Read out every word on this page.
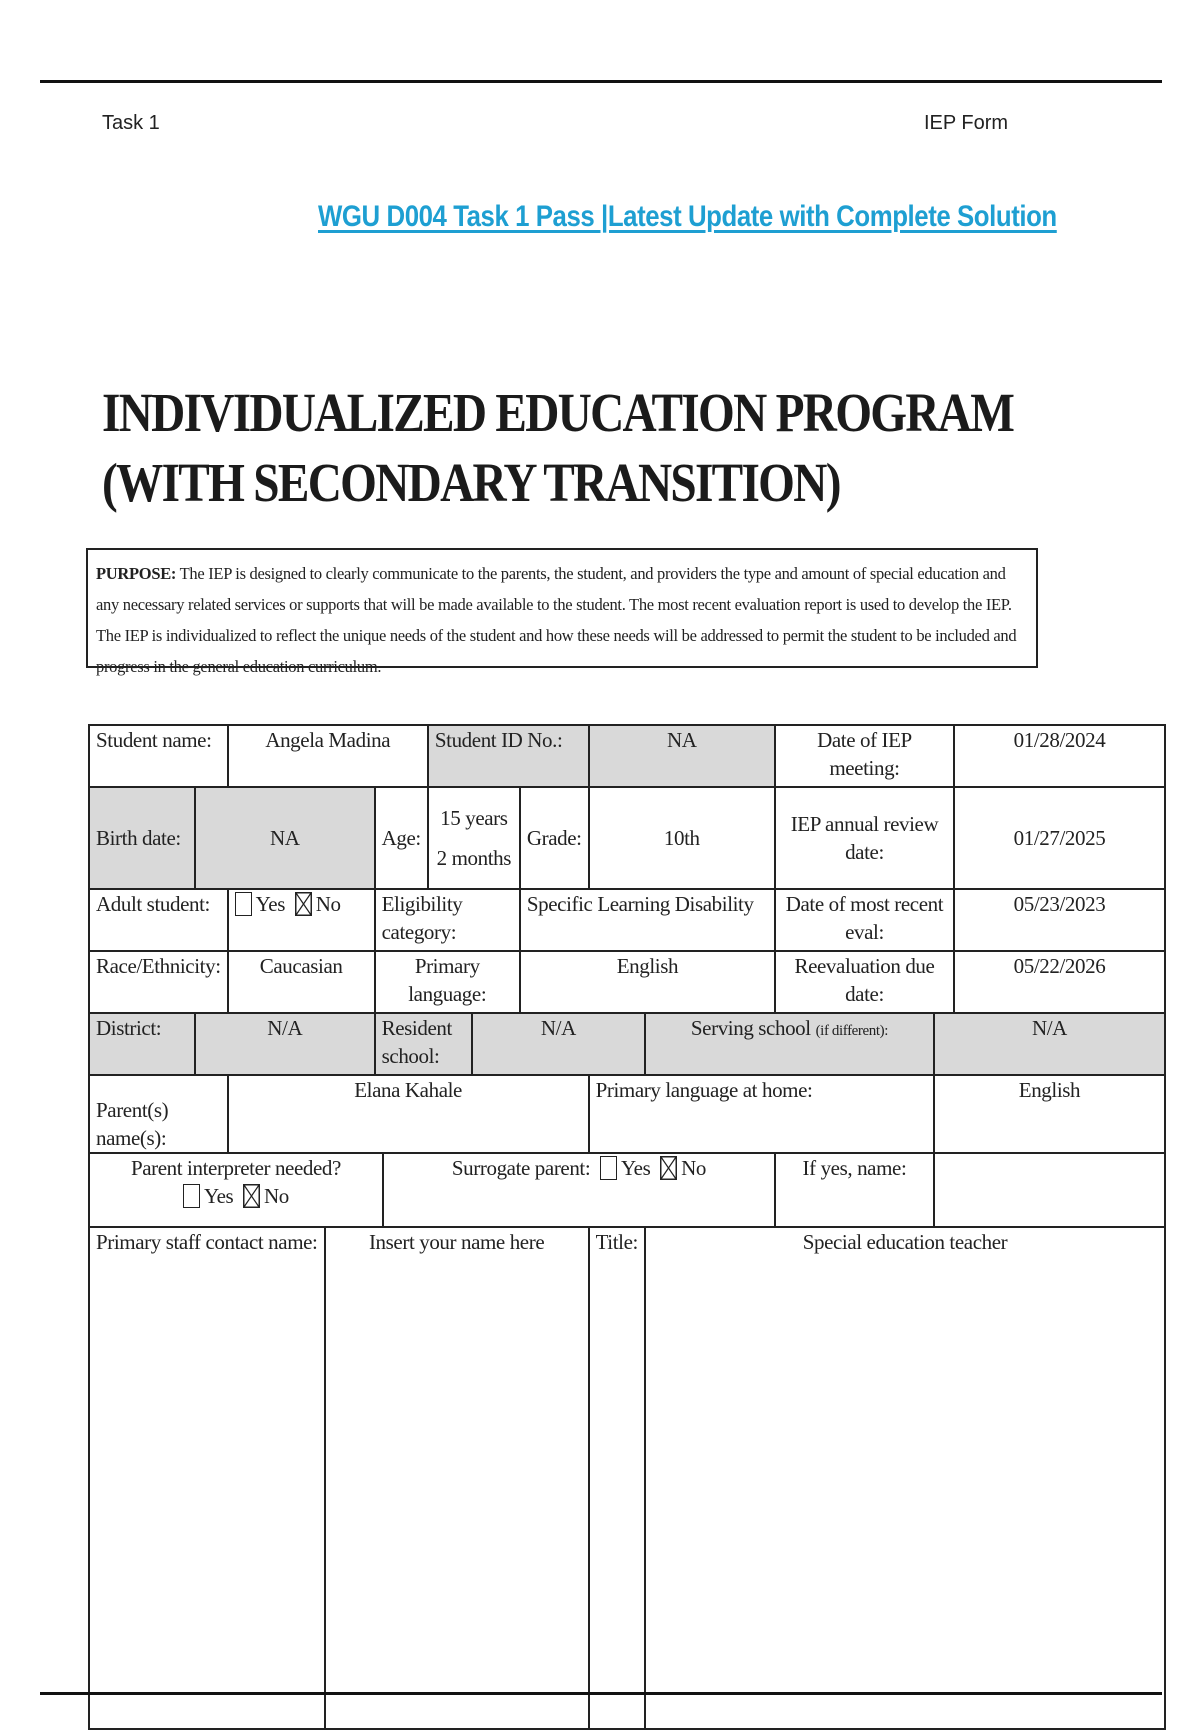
Task 1	IEP Form
WGU D004 Task 1 Pass |Latest Update with Complete Solution
INDIVIDUALIZED EDUCATION PROGRAM
(WITH SECONDARY TRANSITION)
PURPOSE: The IEP is designed to clearly communicate to the parents, the student, and providers the type and amount of special education and any necessary related services or supports that will be made available to the student. The most recent evaluation report is used to develop the IEP. The IEP is individualized to reflect the unique needs of the student and how these needs will be addressed to permit the student to be included and progress in the general education curriculum.
Student name:		Angela Madina				Student ID No.:			NA		Date of IEP meeting:		01/28/2024
Birth date:	NA			Age:		15 years 2 months		Grade:	10th		IEP annual review date:		01/27/2025
Adult student:		Yes No		Eligibility category:				Specific Learning Disability			Date of most recent eval:		05/23/2023
Race/Ethnicity:		Caucasian		Primary language:				English			Reevaluation due date:		05/22/2026
District:	N/A			Resident school:			N/A			Serving school (if different):		N/A	
Parent(s) name(s):		Elana Kahale							Primary language at home:			English	

Parent interpreter needed?
Yes No					Surrogate parent: Yes No						If yes, name:		
Primary staff contact name:			Insert your name here						Title:	Special education teacher			
